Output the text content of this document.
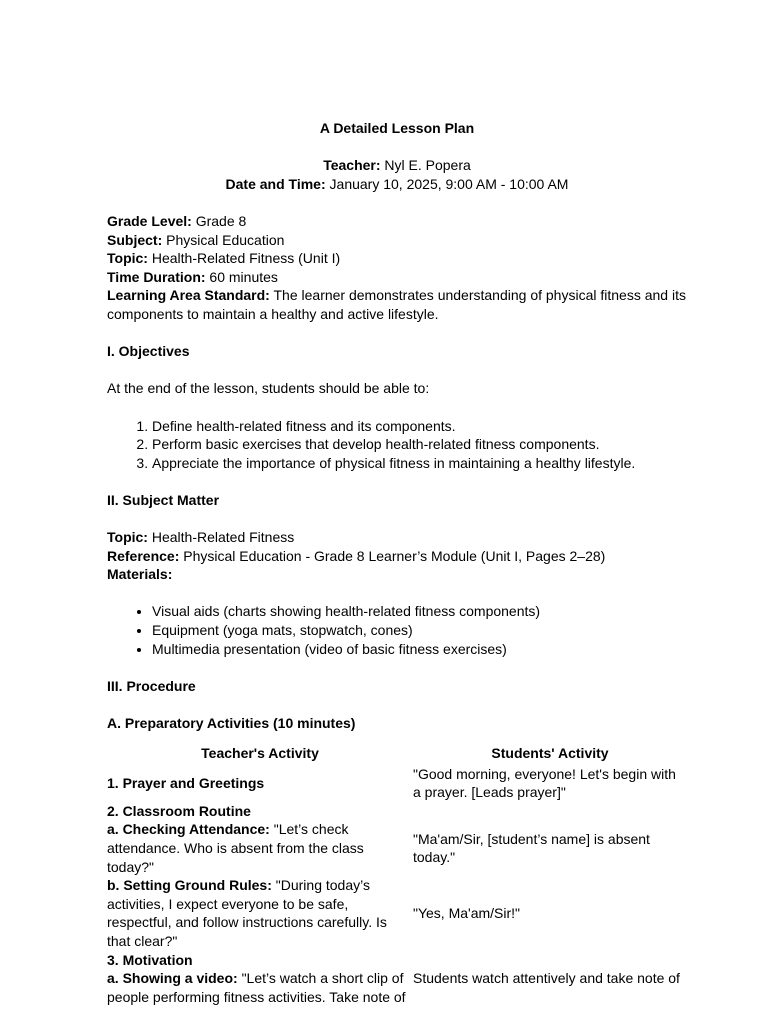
A Detailed Lesson Plan

Teacher: Nyl E. Popera

Date and Time: January 10, 2025, 9:00 AM - 10:00 AM

Grade Level: Grade 8

Subject: Physical Education

Topic: Health-Related Fitness (Unit I)

Time Duration: 60 minutes

Learning Area Standard: The learner demonstrates understanding of physical fitness and its components to maintain a healthy and active lifestyle.

I. Objectives

At the end of the lesson, students should be able to:

1. Define health-related fitness and its components.
2. Perform basic exercises that develop health-related fitness components.
3. Appreciate the importance of physical fitness in maintaining a healthy lifestyle.

II. Subject Matter

Topic: Health-Related Fitness

Reference: Physical Education - Grade 8 Learner’s Module (Unit I, Pages 2–28)

Materials:

• Visual aids (charts showing health-related fitness components)
• Equipment (yoga mats, stopwatch, cones)
• Multimedia presentation (video of basic fitness exercises)

III. Procedure

A. Preparatory Activities (10 minutes)

Teacher's Activity	Students' Activity
1. Prayer and Greetings	"Good morning, everyone! Let's begin with a prayer. [Leads prayer]"
2. Classroom Routine	
a. Checking Attendance: "Let’s check attendance. Who is absent from the class today?"	"Ma'am/Sir, [student’s name] is absent today."
b. Setting Ground Rules: "During today’s activities, I expect everyone to be safe, respectful, and follow instructions carefully. Is that clear?"	"Yes, Ma'am/Sir!"
3. Motivation	
a. Showing a video: "Let’s watch a short clip of people performing fitness activities. Take note of	Students watch attentively and take note of
